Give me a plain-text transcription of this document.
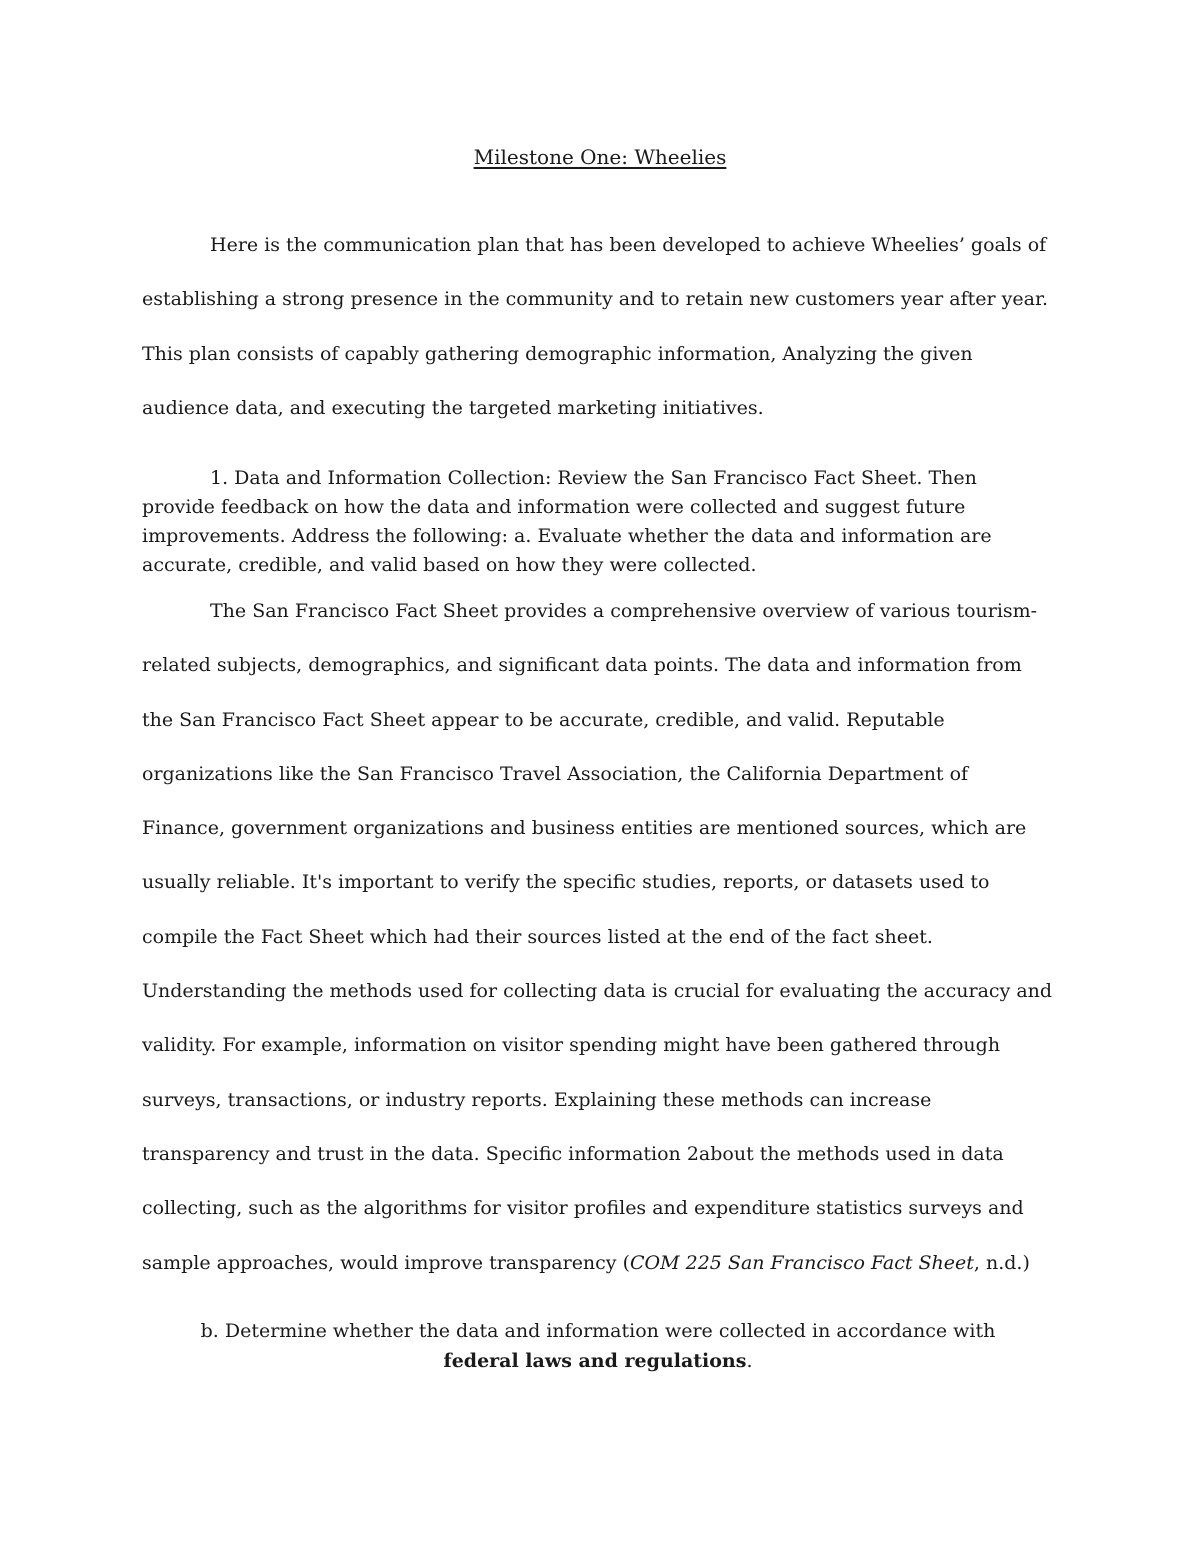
Milestone One: Wheelies

Here is the communication plan that has been developed to achieve Wheelies’ goals of establishing a strong presence in the community and to retain new customers year after year. This plan consists of capably gathering demographic information, Analyzing the given audience data, and executing the targeted marketing initiatives.

1. Data and Information Collection: Review the San Francisco Fact Sheet. Then provide feedback on how the data and information were collected and suggest future improvements. Address the following: a. Evaluate whether the data and information are accurate, credible, and valid based on how they were collected.

The San Francisco Fact Sheet provides a comprehensive overview of various tourism-related subjects, demographics, and significant data points. The data and information from the San Francisco Fact Sheet appear to be accurate, credible, and valid. Reputable organizations like the San Francisco Travel Association, the California Department of Finance, government organizations and business entities are mentioned sources, which are usually reliable. It's important to verify the specific studies, reports, or datasets used to compile the Fact Sheet which had their sources listed at the end of the fact sheet. Understanding the methods used for collecting data is crucial for evaluating the accuracy and validity. For example, information on visitor spending might have been gathered through surveys, transactions, or industry reports. Explaining these methods can increase transparency and trust in the data. Specific information 2about the methods used in data collecting, such as the algorithms for visitor profiles and expenditure statistics surveys and sample approaches, would improve transparency (COM 225 San Francisco Fact Sheet, n.d.)

b. Determine whether the data and information were collected in accordance with
federal laws and regulations.
